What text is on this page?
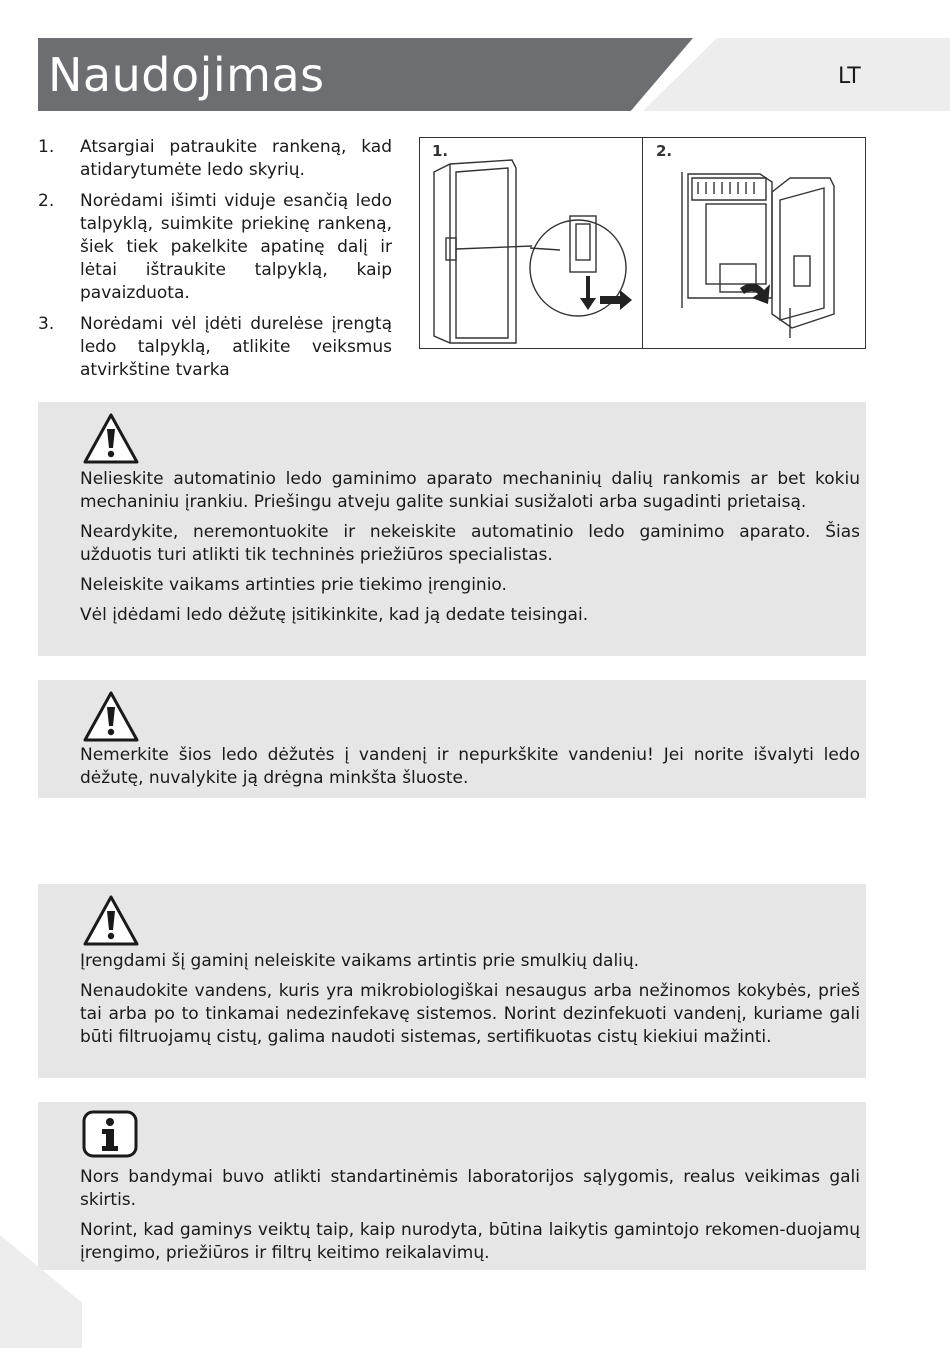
Naudojimas	LT
1.	Atsargiai patraukite rankeną, kad atidarytumėte ledo skyrių.
2.	Norėdami išimti viduje esančią ledo talpyklą, suimkite priekinę rankeną, šiek tiek pakelkite apatinę dalį ir lėtai ištraukite talpyklą, kaip pavaizduota.
3.	Norėdami vėl įdėti durelėse įrengtą ledo talpyklą, atlikite veiksmus atvirkštine tvarka
1.	2.

Nelieskite automatinio ledo gaminimo aparato mechaninių dalių rankomis ar bet kokiu mechaniniu įrankiu. Priešingu atveju galite sunkiai susižaloti arba sugadinti prietaisą.

Neardykite, neremontuokite ir nekeiskite automatinio ledo gaminimo aparato. Šias užduotis turi atlikti tik techninės priežiūros specialistas.

Neleiskite vaikams artinties prie tiekimo įrenginio.

Vėl įdėdami ledo dėžutę įsitikinkite, kad ją dedate teisingai.

Nemerkite šios ledo dėžutės į vandenį ir nepurkškite vandeniu! Jei norite išvalyti ledo dėžutę, nuvalykite ją drėgna minkšta šluoste.

Įrengdami šį gaminį neleiskite vaikams artintis prie smulkių dalių.

Nenaudokite vandens, kuris yra mikrobiologiškai nesaugus arba nežinomos kokybės, prieš tai arba po to tinkamai nedezinfekavę sistemos. Norint dezinfekuoti vandenį, kuriame gali būti filtruojamų cistų, galima naudoti sistemas, sertifikuotas cistų kiekiui mažinti.

Nors bandymai buvo atlikti standartinėmis laboratorijos sąlygomis, realus veikimas gali skirtis.

Norint, kad gaminys veiktų taip, kaip nurodyta, būtina laikytis gamintojo rekomen-duojamų įrengimo, priežiūros ir filtrų keitimo reikalavimų.
